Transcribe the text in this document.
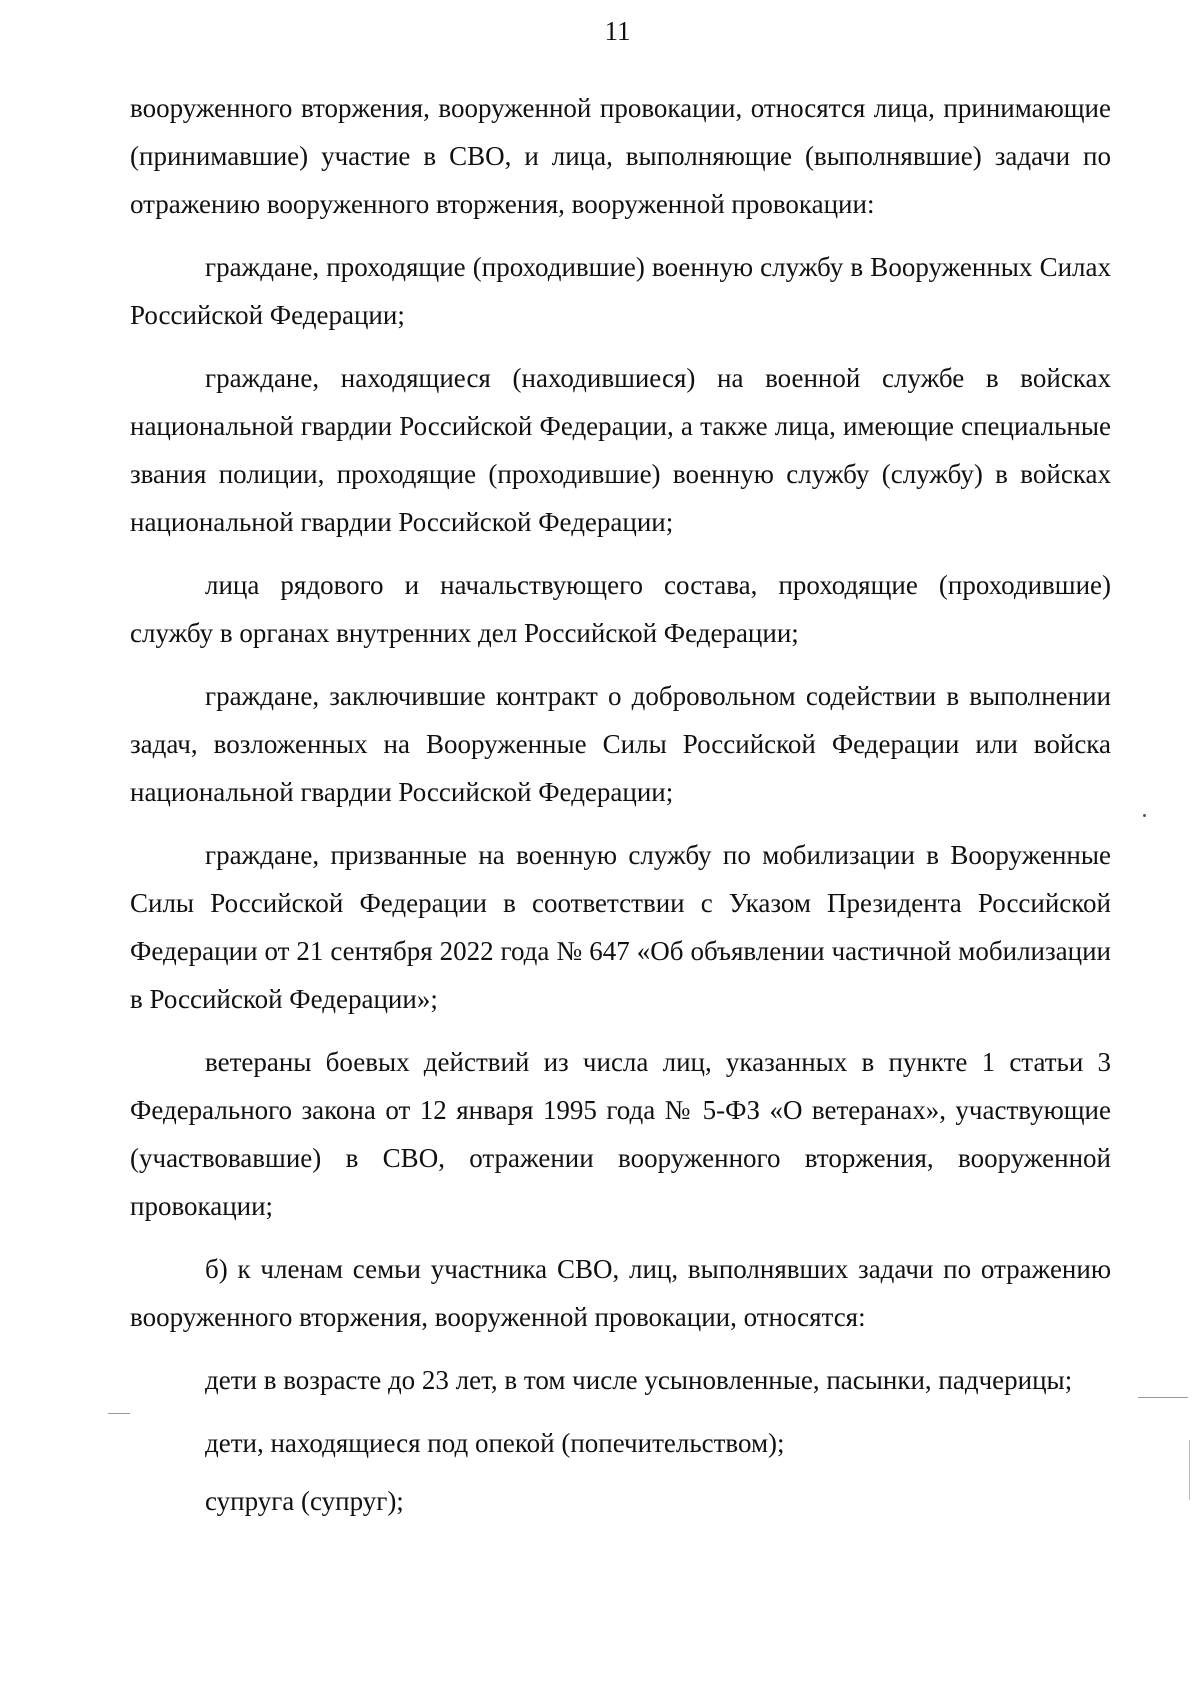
11

вооруженного вторжения, вооруженной провокации, относятся лица, принимающие (принимавшие) участие в СВО, и лица, выполняющие (выполнявшие) задачи по отражению вооруженного вторжения, вооруженной провокации:

граждане, проходящие (проходившие) военную службу в Вооруженных Силах Российской Федерации;

граждане, находящиеся (находившиеся) на военной службе в войсках национальной гвардии Российской Федерации, а также лица, имеющие специальные звания полиции, проходящие (проходившие) военную службу (службу) в войсках национальной гвардии Российской Федерации;

лица рядового и начальствующего состава, проходящие (проходившие) службу в органах внутренних дел Российской Федерации;

граждане, заключившие контракт о добровольном содействии в выполнении задач, возложенных на Вооруженные Силы Российской Федерации или войска национальной гвардии Российской Федерации;

граждане, призванные на военную службу по мобилизации в Вооруженные Силы Российской Федерации в соответствии с Указом Президента Российской Федерации от 21 сентября 2022 года № 647 «Об объявлении частичной мобилизации в Российской Федерации»;

ветераны боевых действий из числа лиц, указанных в пункте 1 статьи 3 Федерального закона от 12 января 1995 года № 5-ФЗ «О ветеранах», участвующие (участвовавшие) в СВО, отражении вооруженного вторжения, вооруженной провокации;

б) к членам семьи участника СВО, лиц, выполнявших задачи по отражению вооруженного вторжения, вооруженной провокации, относятся:

дети в возрасте до 23 лет, в том числе усыновленные, пасынки, падчерицы;

дети, находящиеся под опекой (попечительством);

супруга (супруг);
